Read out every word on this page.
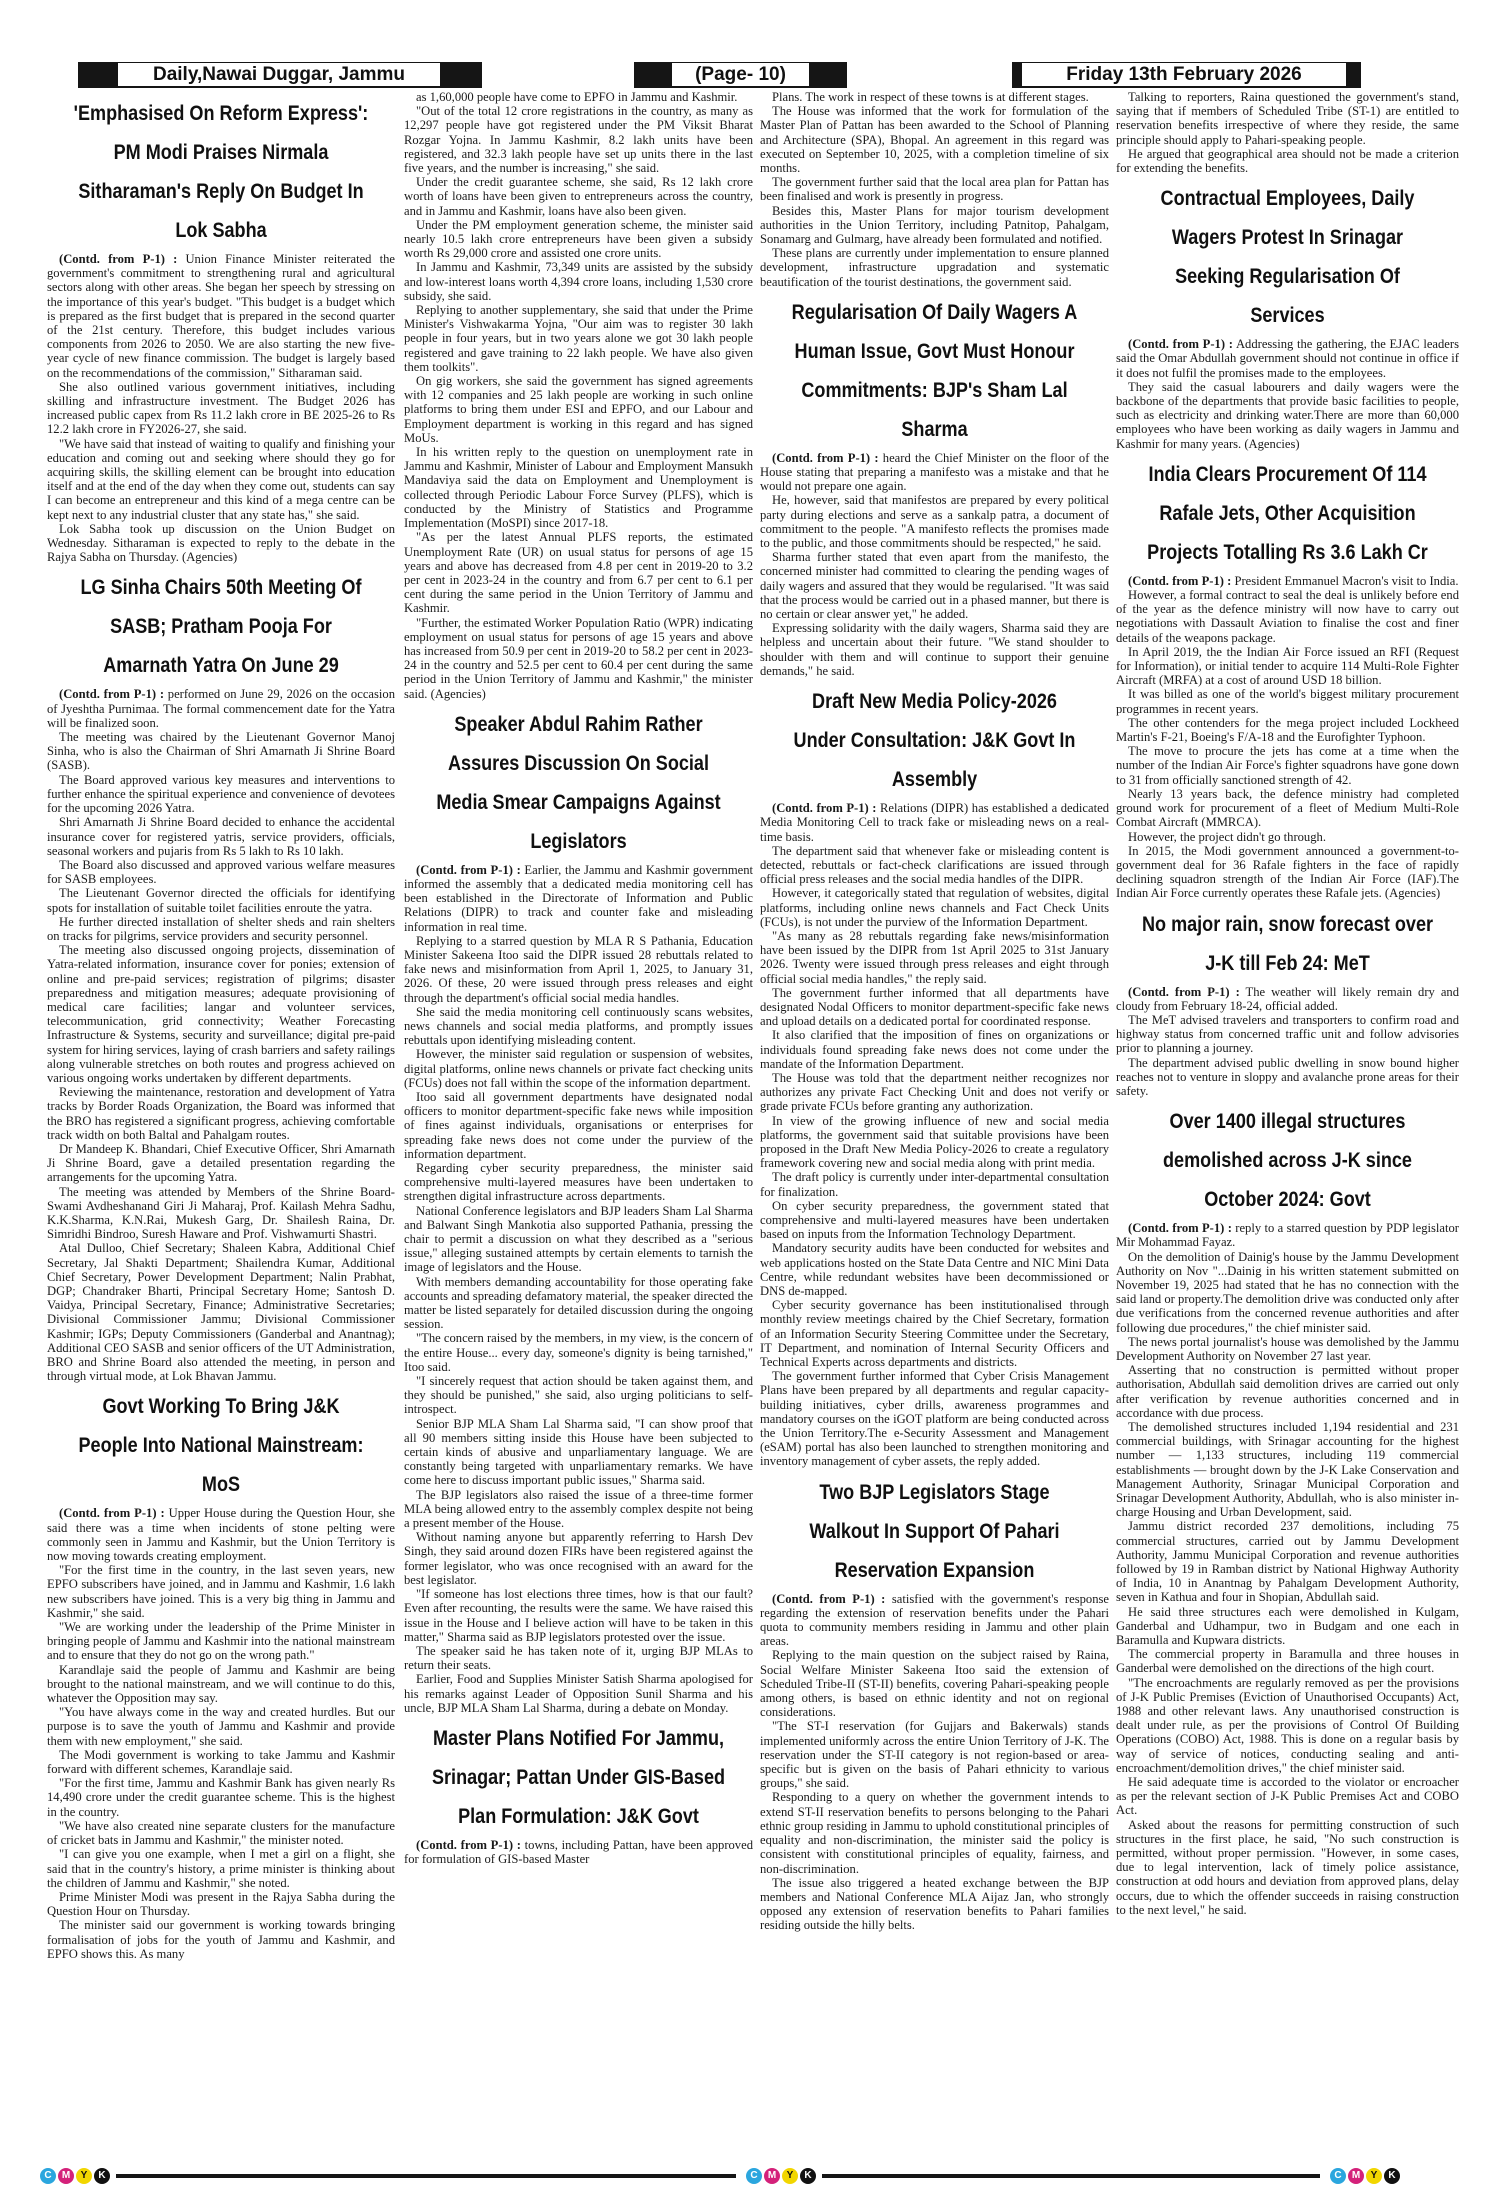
Daily,Nawai Duggar, Jammu	(Page- 10)	Friday 13th February 2026
'Emphasised On Reform Express': PM Modi Praises Nirmala Sitharaman's Reply On Budget In Lok Sabha

(Contd. from P-1) : Union Finance Minister reiterated the government's commitment to strengthening rural and agricultural sectors along with other areas. She began her speech by stressing on the importance of this year's budget. "This budget is a budget which is prepared as the first budget that is prepared in the second quarter of the 21st century. Therefore, this budget includes various components from 2026 to 2050. We are also starting the new five-year cycle of new finance commission. The budget is largely based on the recommendations of the commission," Sitharaman said.

She also outlined various government initiatives, including skilling and infrastructure investment. The Budget 2026 has increased public capex from Rs 11.2 lakh crore in BE 2025-26 to Rs 12.2 lakh crore in FY2026-27, she said.

"We have said that instead of waiting to qualify and finishing your education and coming out and seeking where should they go for acquiring skills, the skilling element can be brought into education itself and at the end of the day when they come out, students can say I can become an entrepreneur and this kind of a mega centre can be kept next to any industrial cluster that any state has," she said.

Lok Sabha took up discussion on the Union Budget on Wednesday. Sitharaman is expected to reply to the debate in the Rajya Sabha on Thursday. (Agencies)

LG Sinha Chairs 50th Meeting Of SASB; Pratham Pooja For Amarnath Yatra On June 29

(Contd. from P-1) : performed on June 29, 2026 on the occasion of Jyeshtha Purnimaa. The formal commencement date for the Yatra will be finalized soon.

The meeting was chaired by the Lieutenant Governor Manoj Sinha, who is also the Chairman of Shri Amarnath Ji Shrine Board (SASB).

The Board approved various key measures and interventions to further enhance the spiritual experience and convenience of devotees for the upcoming 2026 Yatra.

Shri Amarnath Ji Shrine Board decided to enhance the accidental insurance cover for registered yatris, service providers, officials, seasonal workers and pujaris from Rs 5 lakh to Rs 10 lakh.

The Board also discussed and approved various welfare measures for SASB employees.

The Lieutenant Governor directed the officials for identifying spots for installation of suitable toilet facilities enroute the yatra.

He further directed installation of shelter sheds and rain shelters on tracks for pilgrims, service providers and security personnel.

The meeting also discussed ongoing projects, dissemination of Yatra-related information, insurance cover for ponies; extension of online and pre-paid services; registration of pilgrims; disaster preparedness and mitigation measures; adequate provisioning of medical care facilities; langar and volunteer services, telecommunication, grid connectivity; Weather Forecasting Infrastructure & Systems, security and surveillance; digital pre-paid system for hiring services, laying of crash barriers and safety railings along vulnerable stretches on both routes and progress achieved on various ongoing works undertaken by different departments.

Reviewing the maintenance, restoration and development of Yatra tracks by Border Roads Organization, the Board was informed that the BRO has registered a significant progress, achieving comfortable track width on both Baltal and Pahalgam routes.

Dr Mandeep K. Bhandari, Chief Executive Officer, Shri Amarnath Ji Shrine Board, gave a detailed presentation regarding the arrangements for the upcoming Yatra.

The meeting was attended by Members of the Shrine Board- Swami Avdheshanand Giri Ji Maharaj, Prof. Kailash Mehra Sadhu, K.K.Sharma, K.N.Rai, Mukesh Garg, Dr. Shailesh Raina, Dr. Simridhi Bindroo, Suresh Haware and Prof. Vishwamurti Shastri.

Atal Dulloo, Chief Secretary; Shaleen Kabra, Additional Chief Secretary, Jal Shakti Department; Shailendra Kumar, Additional Chief Secretary, Power Development Department; Nalin Prabhat, DGP; Chandraker Bharti, Principal Secretary Home; Santosh D. Vaidya, Principal Secretary, Finance; Administrative Secretaries; Divisional Commissioner Jammu; Divisional Commissioner Kashmir; IGPs; Deputy Commissioners (Ganderbal and Anantnag); Additional CEO SASB and senior officers of the UT Administration, BRO and Shrine Board also attended the meeting, in person and through virtual mode, at Lok Bhavan Jammu.

Govt Working To Bring J&K People Into National Mainstream: MoS

(Contd. from P-1) : Upper House during the Question Hour, she said there was a time when incidents of stone pelting were commonly seen in Jammu and Kashmir, but the Union Territory is now moving towards creating employment.

"For the first time in the country, in the last seven years, new EPFO subscribers have joined, and in Jammu and Kashmir, 1.6 lakh new subscribers have joined. This is a very big thing in Jammu and Kashmir," she said.

"We are working under the leadership of the Prime Minister in bringing people of Jammu and Kashmir into the national mainstream and to ensure that they do not go on the wrong path."

Karandlaje said the people of Jammu and Kashmir are being brought to the national mainstream, and we will continue to do this, whatever the Opposition may say.

"You have always come in the way and created hurdles. But our purpose is to save the youth of Jammu and Kashmir and provide them with new employment," she said.

The Modi government is working to take Jammu and Kashmir forward with different schemes, Karandlaje said.

"For the first time, Jammu and Kashmir Bank has given nearly Rs 14,490 crore under the credit guarantee scheme. This is the highest in the country.

"We have also created nine separate clusters for the manufacture of cricket bats in Jammu and Kashmir," the minister noted.

"I can give you one example, when I met a girl on a flight, she said that in the country's history, a prime minister is thinking about the children of Jammu and Kashmir," she noted.

Prime Minister Modi was present in the Rajya Sabha during the Question Hour on Thursday.

The minister said our government is working towards bringing formalisation of jobs for the youth of Jammu and Kashmir, and EPFO shows this. As many

as 1,60,000 people have come to EPFO in Jammu and Kashmir.

"Out of the total 12 crore registrations in the country, as many as 12,297 people have got registered under the PM Viksit Bharat Rozgar Yojna. In Jammu Kashmir, 8.2 lakh units have been registered, and 32.3 lakh people have set up units there in the last five years, and the number is increasing," she said.

Under the credit guarantee scheme, she said, Rs 12 lakh crore worth of loans have been given to entrepreneurs across the country, and in Jammu and Kashmir, loans have also been given.

Under the PM employment generation scheme, the minister said nearly 10.5 lakh crore entrepreneurs have been given a subsidy worth Rs 29,000 crore and assisted one crore units.

In Jammu and Kashmir, 73,349 units are assisted by the subsidy and low-interest loans worth 4,394 crore loans, including 1,530 crore subsidy, she said.

Replying to another supplementary, she said that under the Prime Minister's Vishwakarma Yojna, "Our aim was to register 30 lakh people in four years, but in two years alone we got 30 lakh people registered and gave training to 22 lakh people. We have also given them toolkits".

On gig workers, she said the government has signed agreements with 12 companies and 25 lakh people are working in such online platforms to bring them under ESI and EPFO, and our Labour and Employment department is working in this regard and has signed MoUs.

In his written reply to the question on unemployment rate in Jammu and Kashmir, Minister of Labour and Employment Mansukh Mandaviya said the data on Employment and Unemployment is collected through Periodic Labour Force Survey (PLFS), which is conducted by the Ministry of Statistics and Programme Implementation (MoSPI) since 2017-18.

"As per the latest Annual PLFS reports, the estimated Unemployment Rate (UR) on usual status for persons of age 15 years and above has decreased from 4.8 per cent in 2019-20 to 3.2 per cent in 2023-24 in the country and from 6.7 per cent to 6.1 per cent during the same period in the Union Territory of Jammu and Kashmir.

"Further, the estimated Worker Population Ratio (WPR) indicating employment on usual status for persons of age 15 years and above has increased from 50.9 per cent in 2019-20 to 58.2 per cent in 2023-24 in the country and 52.5 per cent to 60.4 per cent during the same period in the Union Territory of Jammu and Kashmir," the minister said. (Agencies)

Speaker Abdul Rahim Rather Assures Discussion On Social Media Smear Campaigns Against Legislators

(Contd. from P-1) : Earlier, the Jammu and Kashmir government informed the assembly that a dedicated media monitoring cell has been established in the Directorate of Information and Public Relations (DIPR) to track and counter fake and misleading information in real time.

Replying to a starred question by MLA R S Pathania, Education Minister Sakeena Itoo said the DIPR issued 28 rebuttals related to fake news and misinformation from April 1, 2025, to January 31, 2026. Of these, 20 were issued through press releases and eight through the department's official social media handles.

She said the media monitoring cell continuously scans websites, news channels and social media platforms, and promptly issues rebuttals upon identifying misleading content.

However, the minister said regulation or suspension of websites, digital platforms, online news channels or private fact checking units (FCUs) does not fall within the scope of the information department.

Itoo said all government departments have designated nodal officers to monitor department-specific fake news while imposition of fines against individuals, organisations or enterprises for spreading fake news does not come under the purview of the information department.

Regarding cyber security preparedness, the minister said comprehensive multi-layered measures have been undertaken to strengthen digital infrastructure across departments.

National Conference legislators and BJP leaders Sham Lal Sharma and Balwant Singh Mankotia also supported Pathania, pressing the chair to permit a discussion on what they described as a "serious issue," alleging sustained attempts by certain elements to tarnish the image of legislators and the House.

With members demanding accountability for those operating fake accounts and spreading defamatory material, the speaker directed the matter be listed separately for detailed discussion during the ongoing session.

"The concern raised by the members, in my view, is the concern of the entire House... every day, someone's dignity is being tarnished," Itoo said.

"I sincerely request that action should be taken against them, and they should be punished," she said, also urging politicians to self-introspect.

Senior BJP MLA Sham Lal Sharma said, "I can show proof that all 90 members sitting inside this House have been subjected to certain kinds of abusive and unparliamentary language. We are constantly being targeted with unparliamentary remarks. We have come here to discuss important public issues," Sharma said.

The BJP legislators also raised the issue of a three-time former MLA being allowed entry to the assembly complex despite not being a present member of the House.

Without naming anyone but apparently referring to Harsh Dev Singh, they said around dozen FIRs have been registered against the former legislator, who was once recognised with an award for the best legislator.

"If someone has lost elections three times, how is that our fault? Even after recounting, the results were the same. We have raised this issue in the House and I believe action will have to be taken in this matter," Sharma said as BJP legislators protested over the issue.

The speaker said he has taken note of it, urging BJP MLAs to return their seats.

Earlier, Food and Supplies Minister Satish Sharma apologised for his remarks against Leader of Opposition Sunil Sharma and his uncle, BJP MLA Sham Lal Sharma, during a debate on Monday.

Master Plans Notified For Jammu, Srinagar; Pattan Under GIS-Based Plan Formulation: J&K Govt

(Contd. from P-1) : towns, including Pattan, have been approved for formulation of GIS-based Master

Plans. The work in respect of these towns is at different stages.

The House was informed that the work for formulation of the Master Plan of Pattan has been awarded to the School of Planning and Architecture (SPA), Bhopal. An agreement in this regard was executed on September 10, 2025, with a completion timeline of six months.

The government further said that the local area plan for Pattan has been finalised and work is presently in progress.

Besides this, Master Plans for major tourism development authorities in the Union Territory, including Patnitop, Pahalgam, Sonamarg and Gulmarg, have already been formulated and notified.

These plans are currently under implementation to ensure planned development, infrastructure upgradation and systematic beautification of the tourist destinations, the government said.

Regularisation Of Daily Wagers A Human Issue, Govt Must Honour Commitments: BJP's Sham Lal Sharma

(Contd. from P-1) : heard the Chief Minister on the floor of the House stating that preparing a manifesto was a mistake and that he would not prepare one again.

He, however, said that manifestos are prepared by every political party during elections and serve as a sankalp patra, a document of commitment to the people. "A manifesto reflects the promises made to the public, and those commitments should be respected," he said.

Sharma further stated that even apart from the manifesto, the concerned minister had committed to clearing the pending wages of daily wagers and assured that they would be regularised. "It was said that the process would be carried out in a phased manner, but there is no certain or clear answer yet," he added.

Expressing solidarity with the daily wagers, Sharma said they are helpless and uncertain about their future. "We stand shoulder to shoulder with them and will continue to support their genuine demands," he said.

Draft New Media Policy-2026 Under Consultation: J&K Govt In Assembly

(Contd. from P-1) : Relations (DIPR) has established a dedicated Media Monitoring Cell to track fake or misleading news on a real-time basis.

The department said that whenever fake or misleading content is detected, rebuttals or fact-check clarifications are issued through official press releases and the social media handles of the DIPR.

However, it categorically stated that regulation of websites, digital platforms, including online news channels and Fact Check Units (FCUs), is not under the purview of the Information Department.

"As many as 28 rebuttals regarding fake news/misinformation have been issued by the DIPR from 1st April 2025 to 31st January 2026. Twenty were issued through press releases and eight through official social media handles," the reply said.

The government further informed that all departments have designated Nodal Officers to monitor department-specific fake news and upload details on a dedicated portal for coordinated response.

It also clarified that the imposition of fines on organizations or individuals found spreading fake news does not come under the mandate of the Information Department.

The House was told that the department neither recognizes nor authorizes any private Fact Checking Unit and does not verify or grade private FCUs before granting any authorization.

In view of the growing influence of new and social media platforms, the government said that suitable provisions have been proposed in the Draft New Media Policy-2026 to create a regulatory framework covering new and social media along with print media.

The draft policy is currently under inter-departmental consultation for finalization.

On cyber security preparedness, the government stated that comprehensive and multi-layered measures have been undertaken based on inputs from the Information Technology Department.

Mandatory security audits have been conducted for websites and web applications hosted on the State Data Centre and NIC Mini Data Centre, while redundant websites have been decommissioned or DNS de-mapped.

Cyber security governance has been institutionalised through monthly review meetings chaired by the Chief Secretary, formation of an Information Security Steering Committee under the Secretary, IT Department, and nomination of Internal Security Officers and Technical Experts across departments and districts.

The government further informed that Cyber Crisis Management Plans have been prepared by all departments and regular capacity-building initiatives, cyber drills, awareness programmes and mandatory courses on the iGOT platform are being conducted across the Union Territory.The e-Security Assessment and Management (eSAM) portal has also been launched to strengthen monitoring and inventory management of cyber assets, the reply added.

Two BJP Legislators Stage Walkout In Support Of Pahari Reservation Expansion

(Contd. from P-1) : satisfied with the government's response regarding the extension of reservation benefits under the Pahari quota to community members residing in Jammu and other plain areas.

Replying to the main question on the subject raised by Raina, Social Welfare Minister Sakeena Itoo said the extension of Scheduled Tribe-II (ST-II) benefits, covering Pahari-speaking people among others, is based on ethnic identity and not on regional considerations.

"The ST-I reservation (for Gujjars and Bakerwals) stands implemented uniformly across the entire Union Territory of J-K. The reservation under the ST-II category is not region-based or area-specific but is given on the basis of Pahari ethnicity to various groups," she said.

Responding to a query on whether the government intends to extend ST-II reservation benefits to persons belonging to the Pahari ethnic group residing in Jammu to uphold constitutional principles of equality and non-discrimination, the minister said the policy is consistent with constitutional principles of equality, fairness, and non-discrimination.

The issue also triggered a heated exchange between the BJP members and National Conference MLA Aijaz Jan, who strongly opposed any extension of reservation benefits to Pahari families residing outside the hilly belts.

Talking to reporters, Raina questioned the government's stand, saying that if members of Scheduled Tribe (ST-1) are entitled to reservation benefits irrespective of where they reside, the same principle should apply to Pahari-speaking people.

He argued that geographical area should not be made a criterion for extending the benefits.

Contractual Employees, Daily Wagers Protest In Srinagar Seeking Regularisation Of Services

(Contd. from P-1) : Addressing the gathering, the EJAC leaders said the Omar Abdullah government should not continue in office if it does not fulfil the promises made to the employees.

They said the casual labourers and daily wagers were the backbone of the departments that provide basic facilities to people, such as electricity and drinking water.There are more than 60,000 employees who have been working as daily wagers in Jammu and Kashmir for many years. (Agencies)

India Clears Procurement Of 114 Rafale Jets, Other Acquisition Projects Totalling Rs 3.6 Lakh Cr

(Contd. from P-1) : President Emmanuel Macron's visit to India.

However, a formal contract to seal the deal is unlikely before end of the year as the defence ministry will now have to carry out negotiations with Dassault Aviation to finalise the cost and finer details of the weapons package.

In April 2019, the the Indian Air Force issued an RFI (Request for Information), or initial tender to acquire 114 Multi-Role Fighter Aircraft (MRFA) at a cost of around USD 18 billion.

It was billed as one of the world's biggest military procurement programmes in recent years.

The other contenders for the mega project included Lockheed Martin's F-21, Boeing's F/A-18 and the Eurofighter Typhoon.

The move to procure the jets has come at a time when the number of the Indian Air Force's fighter squadrons have gone down to 31 from officially sanctioned strength of 42.

Nearly 13 years back, the defence ministry had completed ground work for procurement of a fleet of Medium Multi-Role Combat Aircraft (MMRCA).

However, the project didn't go through.

In 2015, the Modi government announced a government-to-government deal for 36 Rafale fighters in the face of rapidly declining squadron strength of the Indian Air Force (IAF).The Indian Air Force currently operates these Rafale jets. (Agencies)

No major rain, snow forecast over J-K till Feb 24: MeT

(Contd. from P-1) : The weather will likely remain dry and cloudy from February 18-24, official added.

The MeT advised travelers and transporters to confirm road and highway status from concerned traffic unit and follow advisories prior to planning a journey.

The department advised public dwelling in snow bound higher reaches not to venture in sloppy and avalanche prone areas for their safety.

Over 1400 illegal structures demolished across J-K since October 2024: Govt

(Contd. from P-1) : reply to a starred question by PDP legislator Mir Mohammad Fayaz.

On the demolition of Dainig's house by the Jammu Development Authority on Nov "...Dainig in his written statement submitted on November 19, 2025 had stated that he has no connection with the said land or property.The demolition drive was conducted only after due verifications from the concerned revenue authorities and after following due procedures," the chief minister said.

The news portal journalist's house was demolished by the Jammu Development Authority on November 27 last year.

Asserting that no construction is permitted without proper authorisation, Abdullah said demolition drives are carried out only after verification by revenue authorities concerned and in accordance with due process.

The demolished structures included 1,194 residential and 231 commercial buildings, with Srinagar accounting for the highest number — 1,133 structures, including 119 commercial establishments — brought down by the J-K Lake Conservation and Management Authority, Srinagar Municipal Corporation and Srinagar Development Authority, Abdullah, who is also minister in-charge Housing and Urban Development, said.

Jammu district recorded 237 demolitions, including 75 commercial structures, carried out by Jammu Development Authority, Jammu Municipal Corporation and revenue authorities followed by 19 in Ramban district by National Highway Authority of India, 10 in Anantnag by Pahalgam Development Authority, seven in Kathua and four in Shopian, Abdullah said.

He said three structures each were demolished in Kulgam, Ganderbal and Udhampur, two in Budgam and one each in Baramulla and Kupwara districts.

The commercial property in Baramulla and three houses in Ganderbal were demolished on the directions of the high court.

"The encroachments are regularly removed as per the provisions of J-K Public Premises (Eviction of Unauthorised Occupants) Act, 1988 and other relevant laws. Any unauthorised construction is dealt under rule, as per the provisions of Control Of Building Operations (COBO) Act, 1988. This is done on a regular basis by way of service of notices, conducting sealing and anti-encroachment/demolition drives," the chief minister said.

He said adequate time is accorded to the violator or encroacher as per the relevant section of J-K Public Premises Act and COBO Act.

Asked about the reasons for permitting construction of such structures in the first place, he said, "No such construction is permitted, without proper permission. "However, in some cases, due to legal intervention, lack of timely police assistance, construction at odd hours and deviation from approved plans, delay occurs, due to which the offender succeeds in raising construction to the next level," he said.

C	M	Y	K	C	M	Y	K	C	M	Y	K
